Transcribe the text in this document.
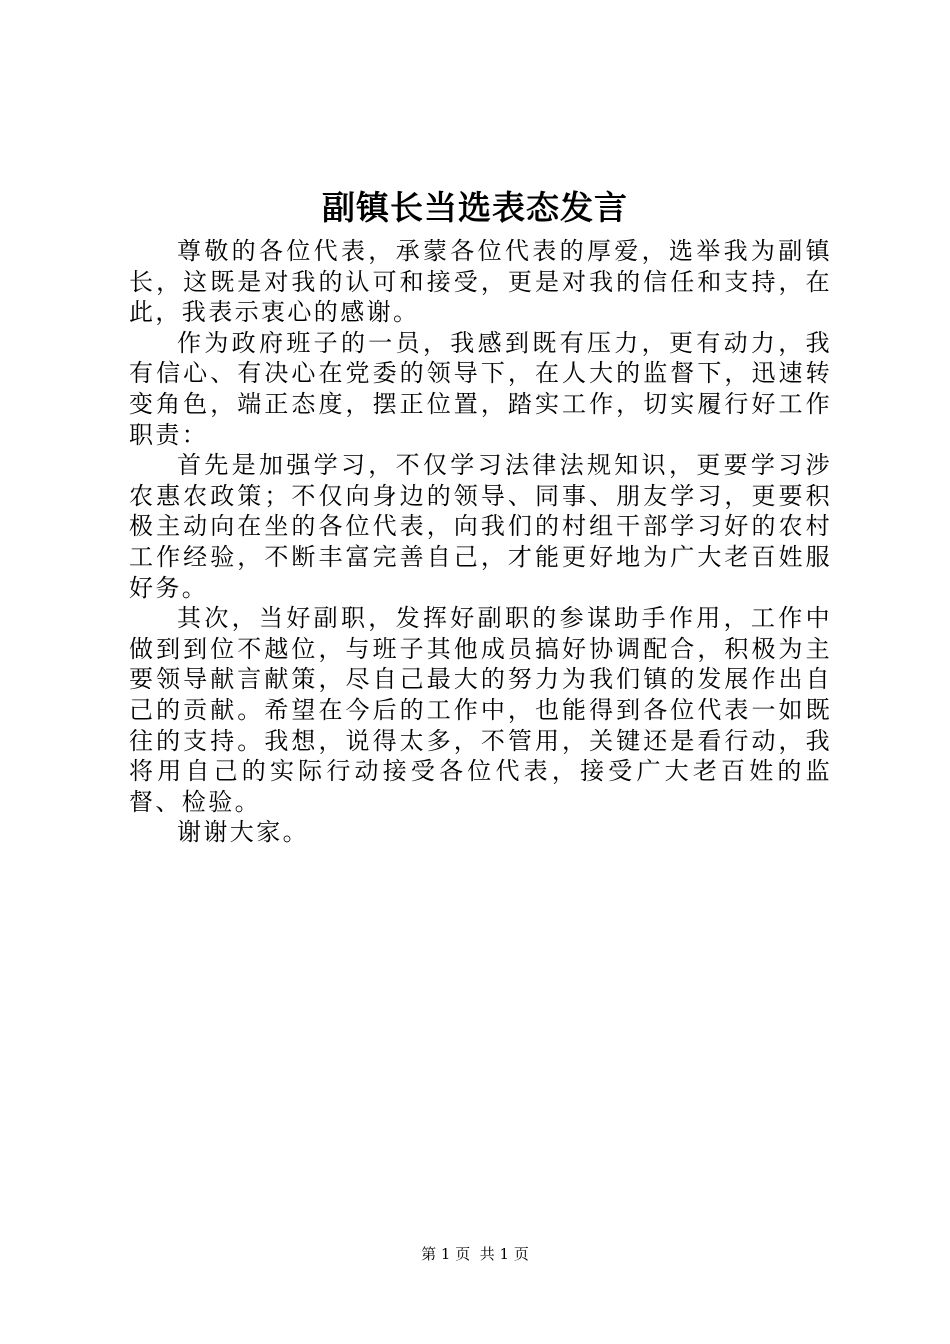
副镇长当选表态发言

尊敬的各位代表，承蒙各位代表的厚爱，选举我为副镇长，这既是对我的认可和接受，更是对我的信任和支持，在此，我表示衷心的感谢。

作为政府班子的一员，我感到既有压力，更有动力，我有信心、有决心在党委的领导下，在人大的监督下，迅速转变角色，端正态度，摆正位置，踏实工作，切实履行好工作职责：

首先是加强学习，不仅学习法律法规知识，更要学习涉农惠农政策；不仅向身边的领导、同事、朋友学习，更要积极主动向在坐的各位代表，向我们的村组干部学习好的农村工作经验，不断丰富完善自己，才能更好地为广大老百姓服好务。

其次，当好副职，发挥好副职的参谋助手作用，工作中做到到位不越位，与班子其他成员搞好协调配合，积极为主要领导献言献策，尽自己最大的努力为我们镇的发展作出自己的贡献。希望在今后的工作中，也能得到各位代表一如既往的支持。我想，说得太多，不管用，关键还是看行动，我将用自己的实际行动接受各位代表，接受广大老百姓的监督、检验。

谢谢大家。

第 1 页 共 1 页
